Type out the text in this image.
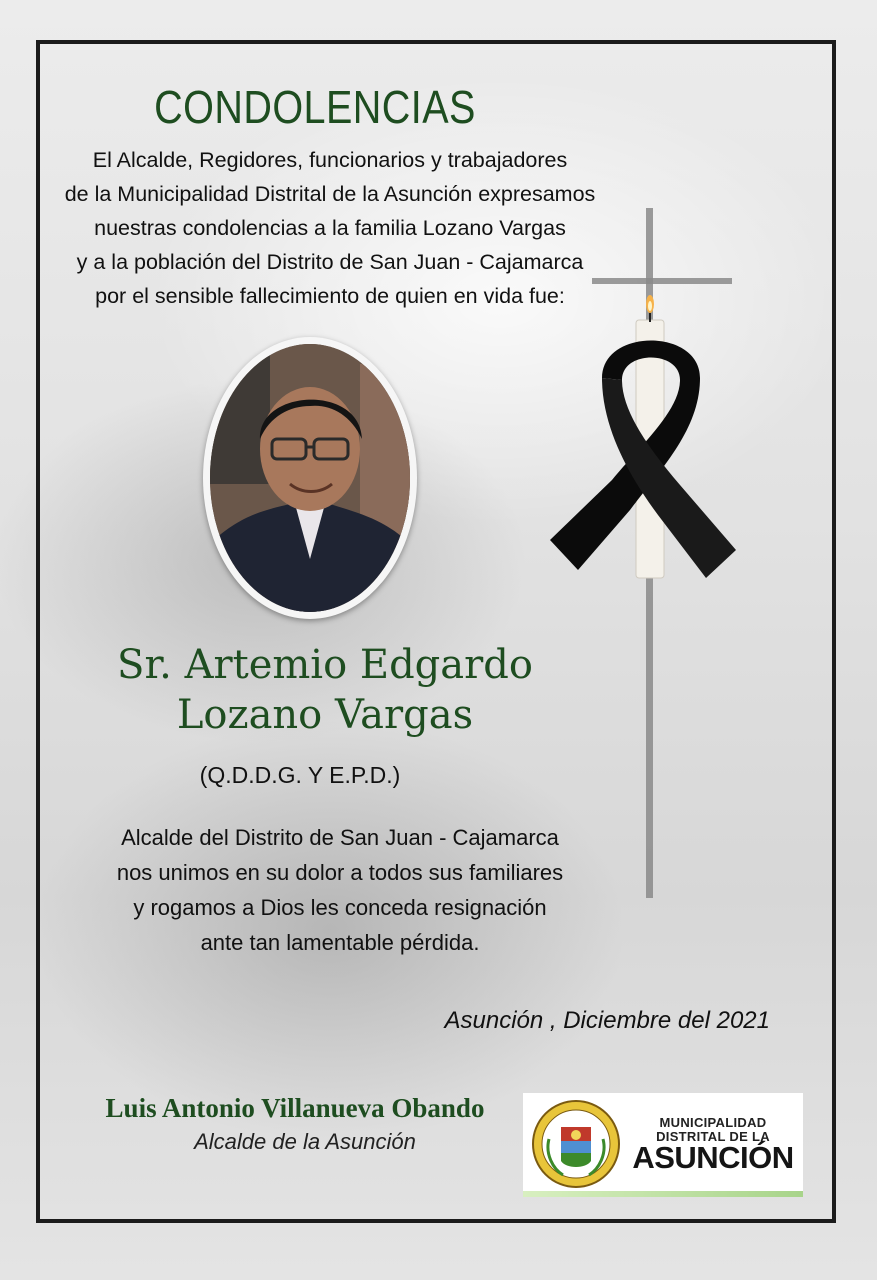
CONDOLENCIAS
El Alcalde, Regidores, funcionarios y trabajadores
de la Municipalidad Distrital de la Asunción expresamos
nuestras condolencias a la familia Lozano Vargas
y a la población del Distrito de San Juan - Cajamarca
por el sensible fallecimiento de quien en vida fue:
Sr. Artemio Edgardo
Lozano Vargas
(Q.D.D.G. Y E.P.D.)
Alcalde del Distrito de San Juan - Cajamarca
nos unimos en su dolor a todos sus familiares
y rogamos a Dios les conceda resignación
ante tan lamentable pérdida.
Asunción , Diciembre del 2021
Luis Antonio Villanueva Obando
Alcalde de la Asunción
MUNICIPALIDAD
DISTRITAL DE LA
ASUNCIÓN
